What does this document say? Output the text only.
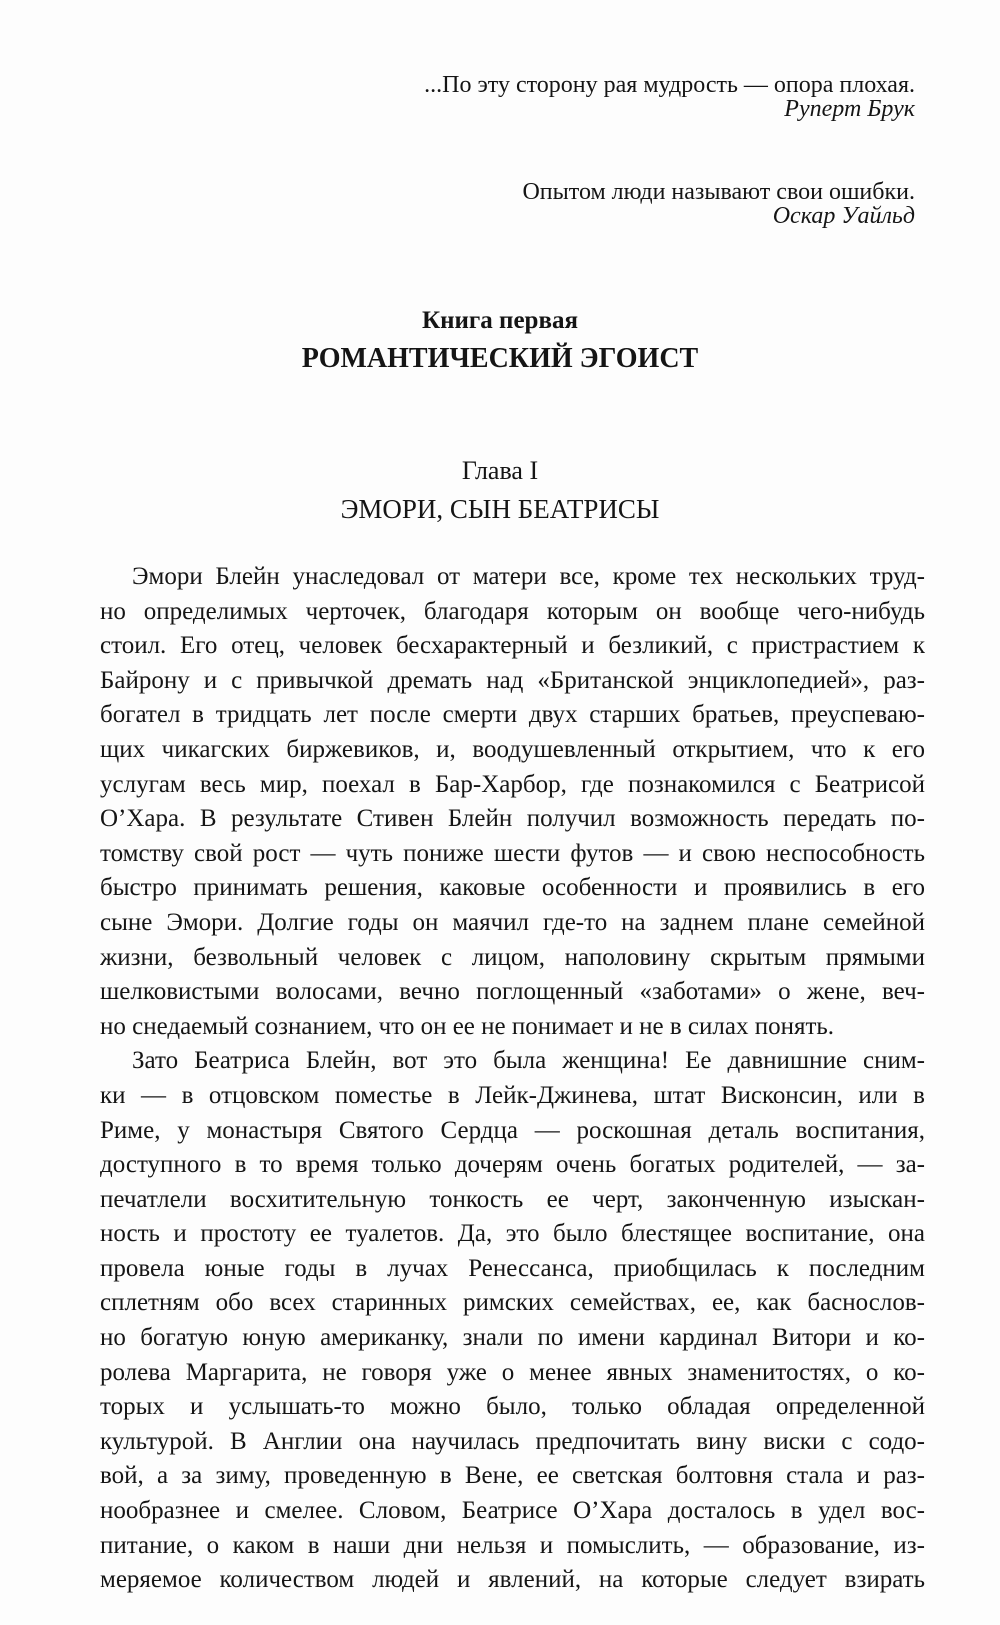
...По эту сторону рая мудрость — опора плохая.
Руперт Брук
Опытом люди называют свои ошибки.
Оскар Уайльд
Книга первая
РОМАНТИЧЕСКИЙ ЭГОИСТ
Глава I
ЭМОРИ, СЫН БЕАТРИСЫ
Эмори Блейн унаследовал от матери все, кроме тех нескольких труд-
но определимых черточек, благодаря которым он вообще чего-нибудь
стоил. Его отец, человек бесхарактерный и безликий, с пристрастием к
Байрону и с привычкой дремать над «Британской энциклопедией», раз-
богател в тридцать лет после смерти двух старших братьев, преуспеваю-
щих чикагских биржевиков, и, воодушевленный открытием, что к его
услугам весь мир, поехал в Бар-Харбор, где познакомился с Беатрисой
О’Хара. В результате Стивен Блейн получил возможность передать по-
томству свой рост — чуть пониже шести футов — и свою неспособность
быстро принимать решения, каковые особенности и проявились в его
сыне Эмори. Долгие годы он маячил где-то на заднем плане семейной
жизни, безвольный человек с лицом, наполовину скрытым прямыми
шелковистыми волосами, вечно поглощенный «заботами» о жене, веч-
но снедаемый сознанием, что он ее не понимает и не в силах понять.
Зато Беатриса Блейн, вот это была женщина! Ее давнишние сним-
ки — в отцовском поместье в Лейк-Джинева, штат Висконсин, или в
Риме, у монастыря Святого Сердца — роскошная деталь воспитания,
доступного в то время только дочерям очень богатых родителей, — за-
печатлели восхитительную тонкость ее черт, законченную изыскан-
ность и простоту ее туалетов. Да, это было блестящее воспитание, она
провела юные годы в лучах Ренессанса, приобщилась к последним
сплетням обо всех старинных римских семействах, ее, как баснослов-
но богатую юную американку, знали по имени кардинал Витори и ко-
ролева Маргарита, не говоря уже о менее явных знаменитостях, о ко-
торых и услышать-то можно было, только обладая определенной
культурой. В Англии она научилась предпочитать вину виски с содо-
вой, а за зиму, проведенную в Вене, ее светская болтовня стала и раз-
нообразнее и смелее. Словом, Беатрисе О’Хара досталось в удел вос-
питание, о каком в наши дни нельзя и помыслить, — образование, из-
меряемое количеством людей и явлений, на которые следует взирать
